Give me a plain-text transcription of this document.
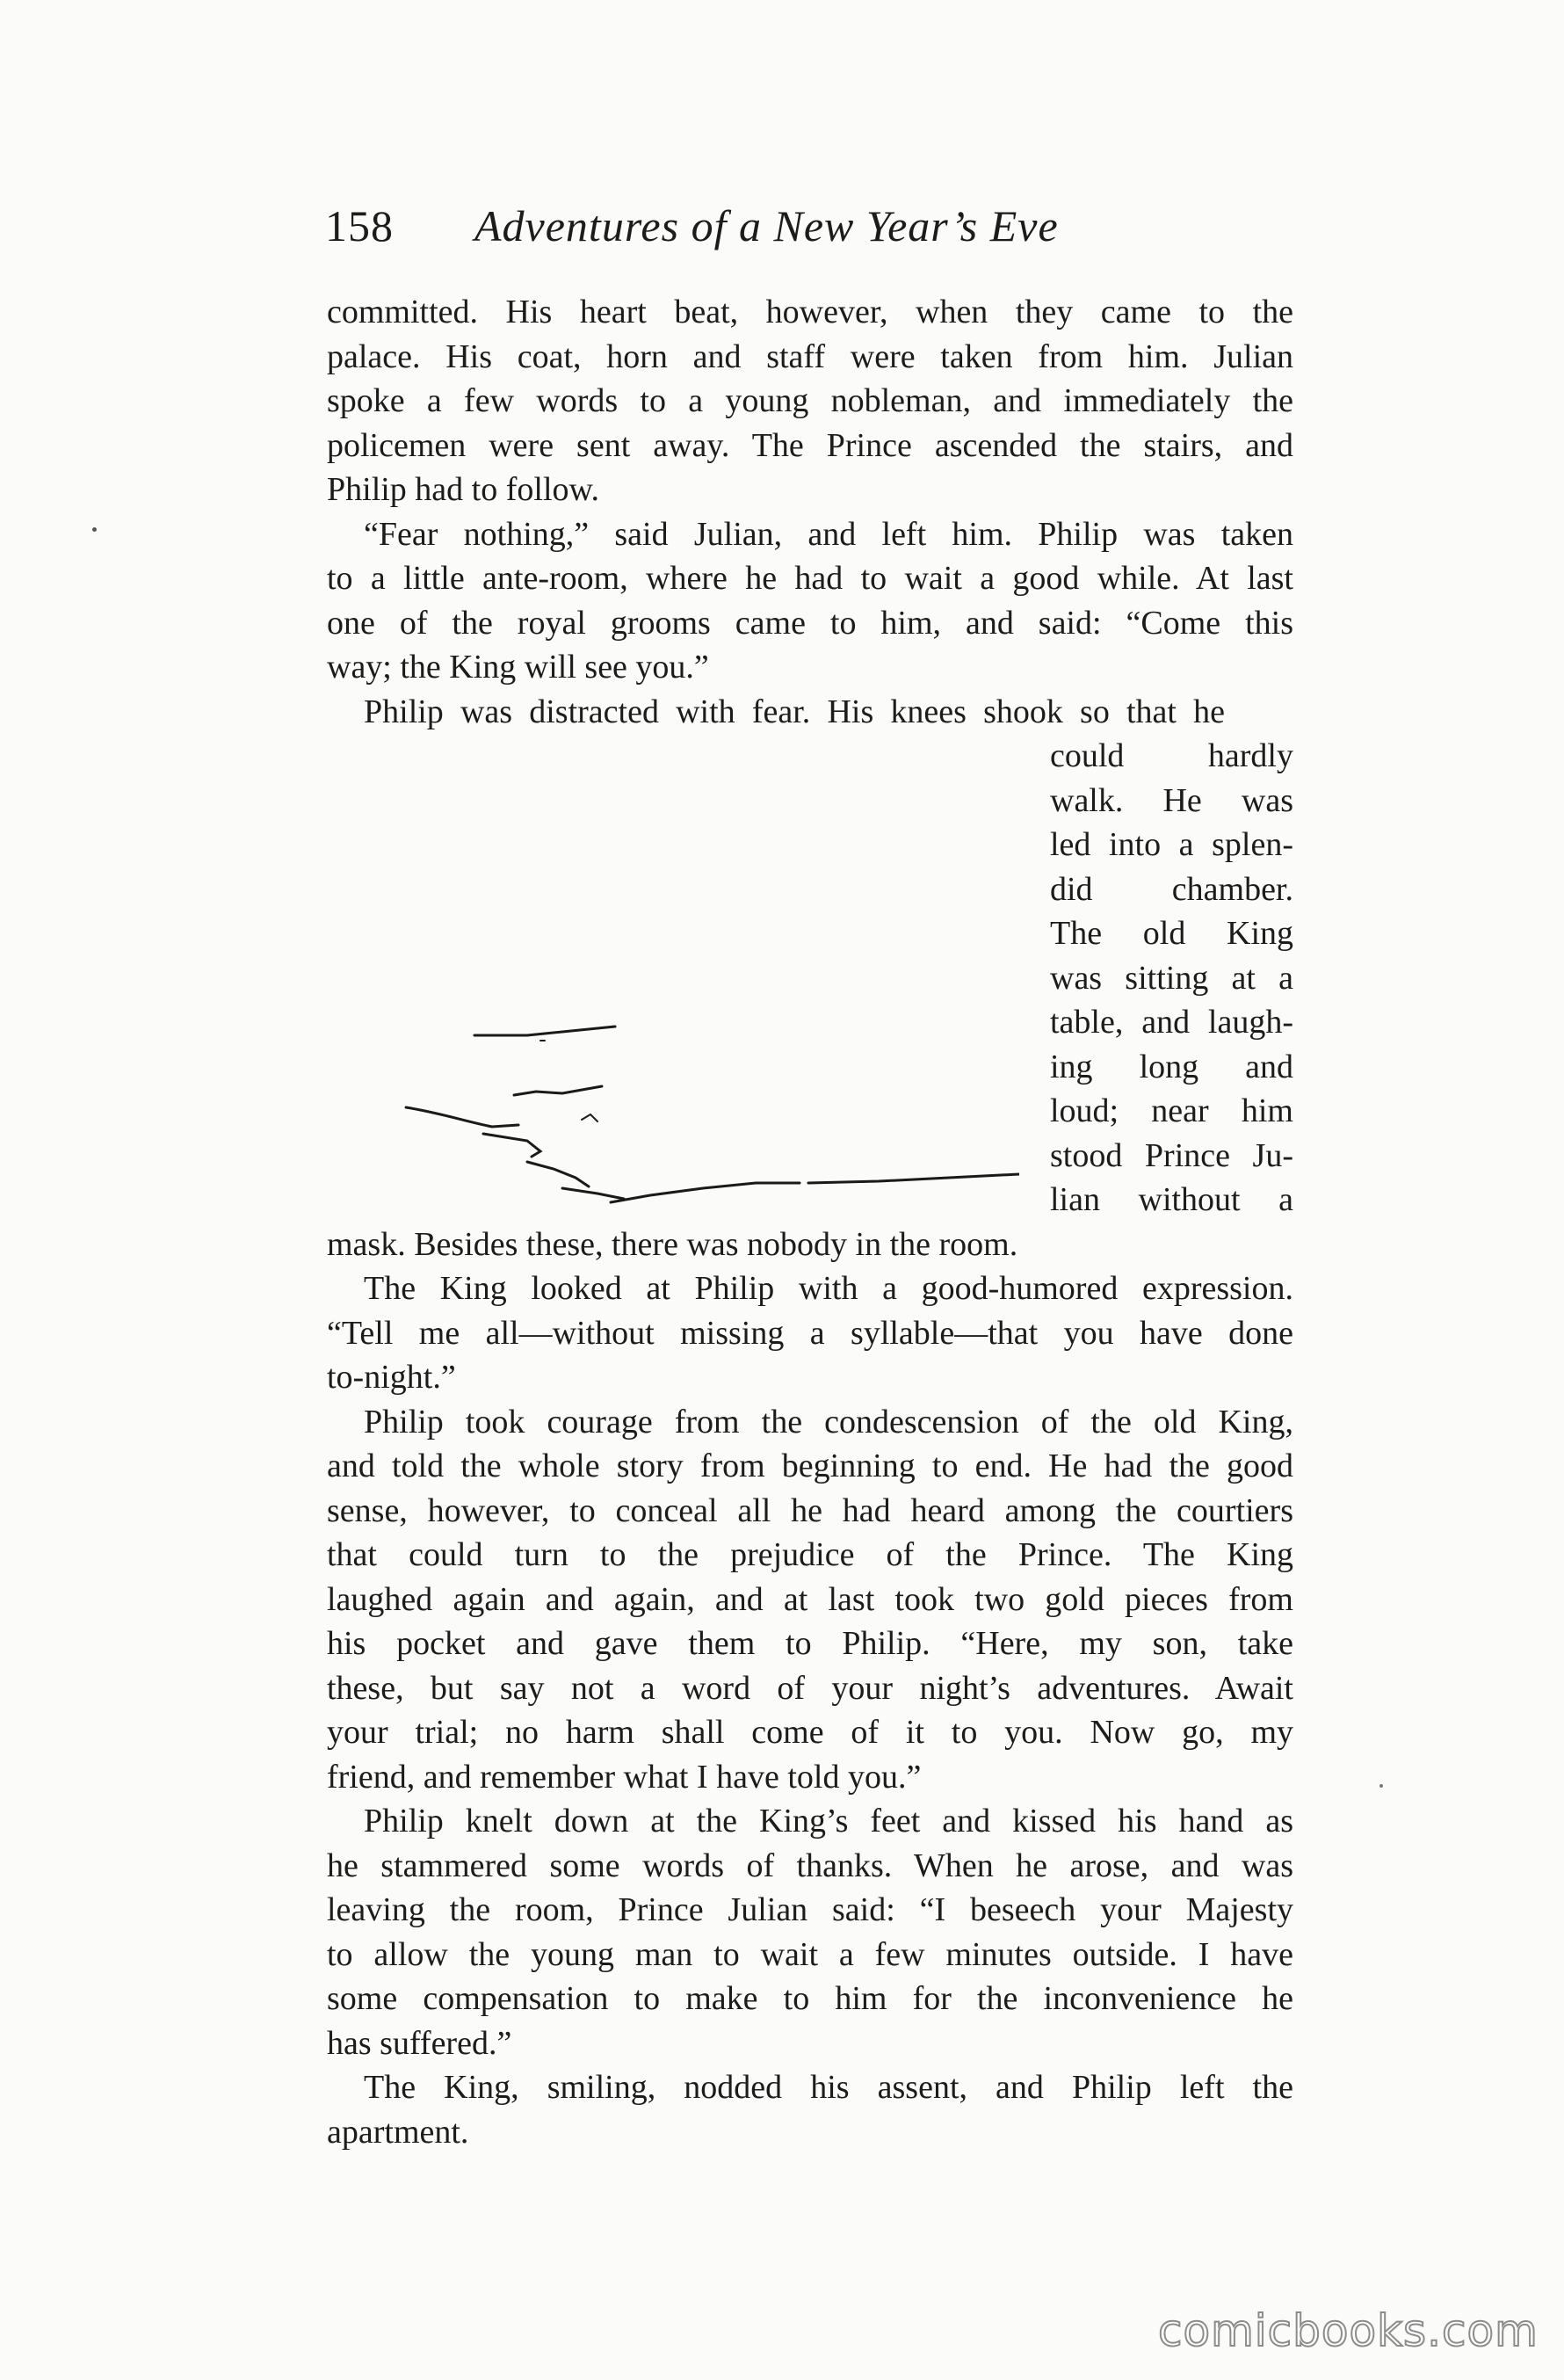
158 Adventures of a New Year’s Eve
committed. His heart beat, however, when they came to the
palace. His coat, horn and staff were taken from him. Julian
spoke a few words to a young nobleman, and immediately the
policemen were sent away. The Prince ascended the stairs, and
Philip had to follow.
“Fear nothing,” said Julian, and left him. Philip was taken
to a little ante-room, where he had to wait a good while. At last
one of the royal grooms came to him, and said: “Come this
way; the King will see you.”
Philip was distracted with fear. His knees shook so that he
could hardly
walk. He was
led into a splen-
did chamber.
The old King
was sitting at a
table, and laugh-
ing long and
loud; near him
stood Prince Ju-
lian without a
mask. Besides these, there was nobody in the room.
The King looked at Philip with a good-humored expression.
“Tell me all—without missing a syllable—that you have done
to-night.”
Philip took courage from the condescension of the old King,
and told the whole story from beginning to end. He had the good
sense, however, to conceal all he had heard among the courtiers
that could turn to the prejudice of the Prince. The King
laughed again and again, and at last took two gold pieces from
his pocket and gave them to Philip. “Here, my son, take
these, but say not a word of your night’s adventures. Await
your trial; no harm shall come of it to you. Now go, my
friend, and remember what I have told you.”
Philip knelt down at the King’s feet and kissed his hand as
he stammered some words of thanks. When he arose, and was
leaving the room, Prince Julian said: “I beseech your Majesty
to allow the young man to wait a few minutes outside. I have
some compensation to make to him for the inconvenience he
has suffered.”
The King, smiling, nodded his assent, and Philip left the
apartment.
comicbooks.com
